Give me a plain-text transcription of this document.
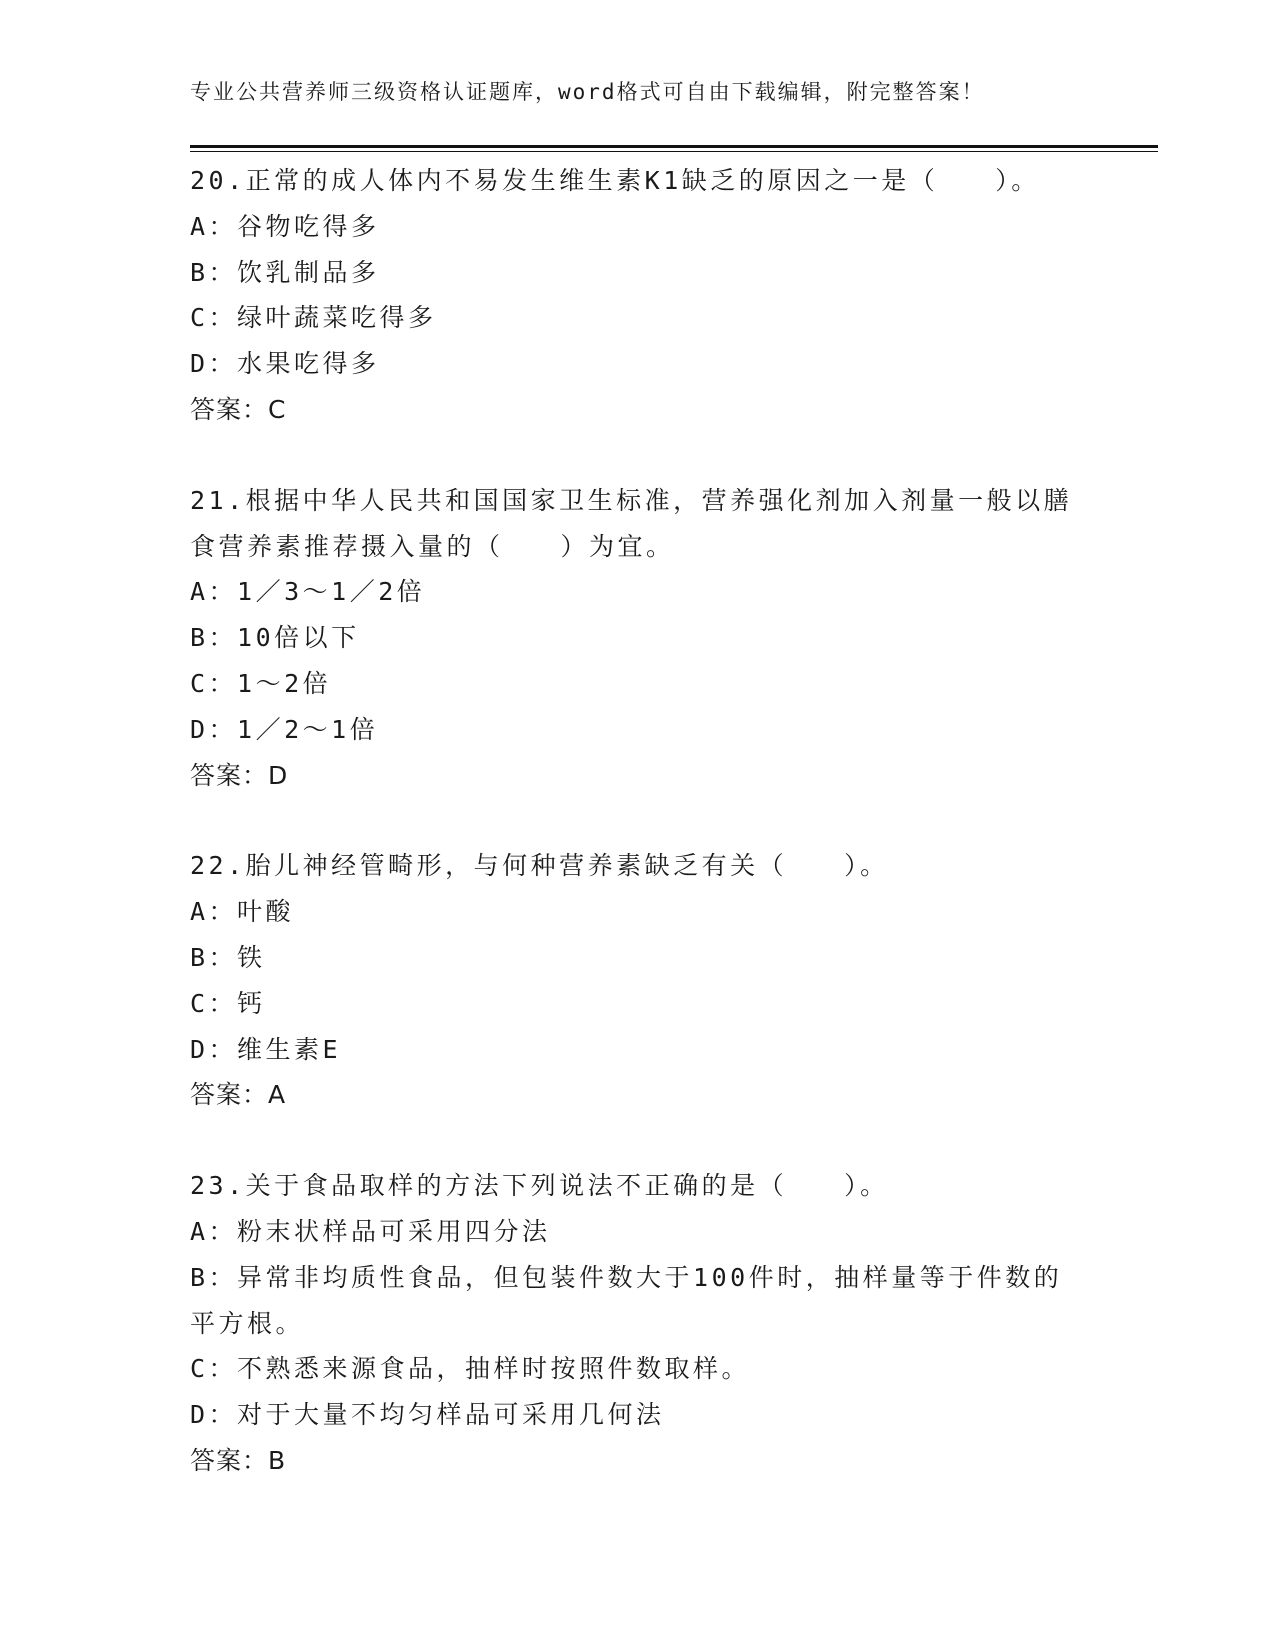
专业公共营养师三级资格认证题库，word格式可自由下载编辑，附完整答案！
20.正常的成人体内不易发生维生素K1缺乏的原因之一是（　　）。
A：谷物吃得多
B：饮乳制品多
C：绿叶蔬菜吃得多
D：水果吃得多
答案：C
21.根据中华人民共和国国家卫生标准，营养强化剂加入剂量一般以膳
食营养素推荐摄入量的（　　）为宜。
A：1／3～1／2倍
B：10倍以下
C：1～2倍
D：1／2～1倍
答案：D
22.胎儿神经管畸形，与何种营养素缺乏有关（　　）。
A：叶酸
B：铁
C：钙
D：维生素E
答案：A
23.关于食品取样的方法下列说法不正确的是（　　）。
A：粉末状样品可采用四分法
B：异常非均质性食品，但包装件数大于100件时，抽样量等于件数的
平方根。
C：不熟悉来源食品，抽样时按照件数取样。
D：对于大量不均匀样品可采用几何法
答案：B
